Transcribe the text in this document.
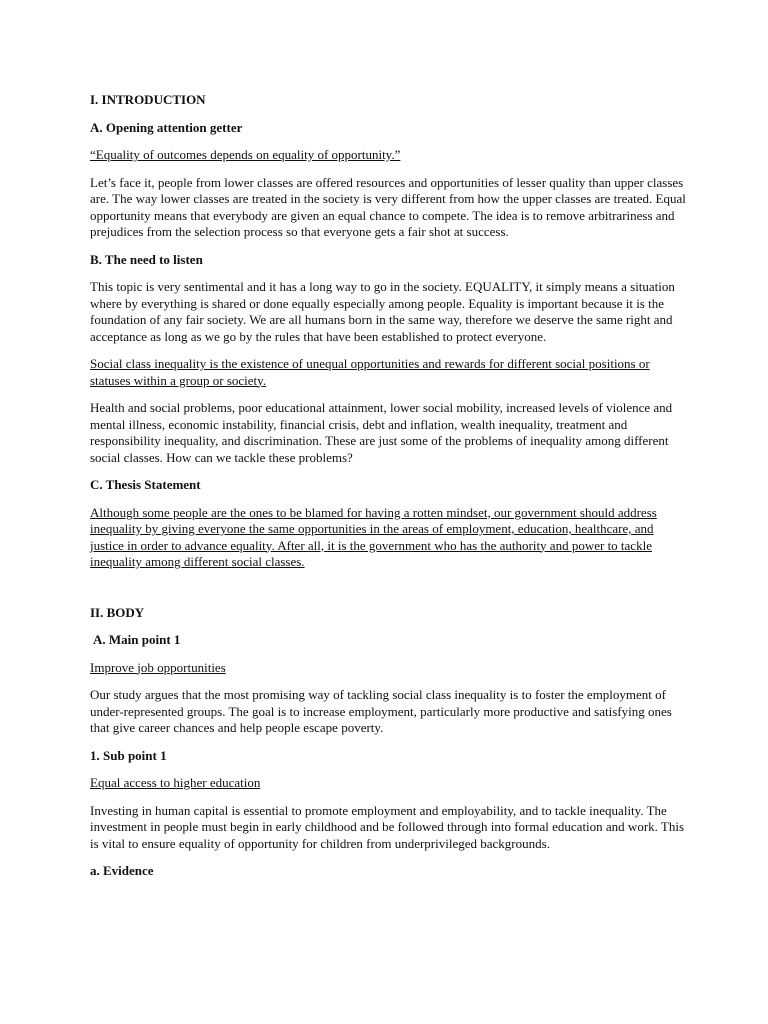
I. INTRODUCTION
A. Opening attention getter
“Equality of outcomes depends on equality of opportunity.”
Let’s face it, people from lower classes are offered resources and opportunities of lesser quality than upper classes are. The way lower classes are treated in the society is very different from how the upper classes are treated. Equal opportunity means that everybody are given an equal chance to compete. The idea is to remove arbitrariness and prejudices from the selection process so that everyone gets a fair shot at success.
B. The need to listen
This topic is very sentimental and it has a long way to go in the society. EQUALITY, it simply means a situation where by everything is shared or done equally especially among people. Equality is important because it is the foundation of any fair society. We are all humans born in the same way, therefore we deserve the same right and acceptance as long as we go by the rules that have been established to protect everyone.
Social class inequality is the existence of unequal opportunities and rewards for different social positions or statuses within a group or society.
Health and social problems, poor educational attainment, lower social mobility, increased levels of violence and mental illness, economic instability, financial crisis, debt and inflation, wealth inequality, treatment and responsibility inequality, and discrimination. These are just some of the problems of inequality among different social classes. How can we tackle these problems?
C. Thesis Statement
Although some people are the ones to be blamed for having a rotten mindset, our government should address inequality by giving everyone the same opportunities in the areas of employment, education, healthcare, and justice in order to advance equality. After all, it is the government who has the authority and power to tackle inequality among different social classes.
II. BODY
A. Main point 1
Improve job opportunities
Our study argues that the most promising way of tackling social class inequality is to foster the employment of under-represented groups. The goal is to increase employment, particularly more productive and satisfying ones that give career chances and help people escape poverty.
1. Sub point 1
Equal access to higher education
Investing in human capital is essential to promote employment and employability, and to tackle inequality. The investment in people must begin in early childhood and be followed through into formal education and work. This is vital to ensure equality of opportunity for children from underprivileged backgrounds.
a. Evidence
